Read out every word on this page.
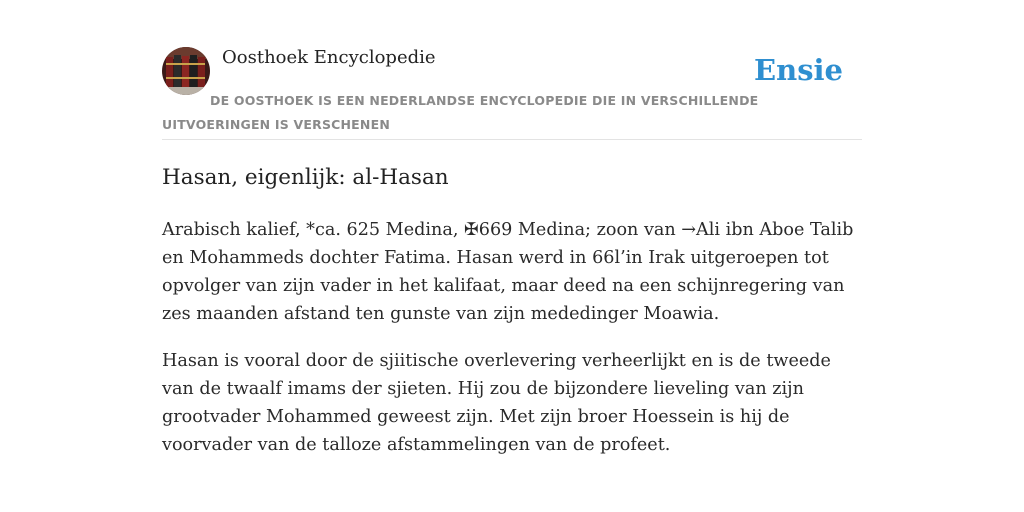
Oosthoek Encyclopedie	Ensie
DE OOSTHOEK IS EEN NEDERLANDSE ENCYCLOPEDIE DIE IN VERSCHILLENDE UITVOERINGEN IS VERSCHENEN
Hasan, eigenlijk: al-Hasan

Arabisch kalief, *ca. 625 Medina, ✠669 Medina; zoon van →Ali ibn Aboe Talib en Mohammeds dochter Fatima. Hasan werd in 66l’in Irak uitgeroepen tot opvolger van zijn vader in het kalifaat, maar deed na een schijnregering van zes maanden afstand ten gunste van zijn mededinger Moawia.

Hasan is vooral door de sjiitische overlevering verheerlijkt en is de tweede van de twaalf imams der sjieten. Hij zou de bijzondere lieveling van zijn grootvader Mohammed geweest zijn. Met zijn broer Hoessein is hij de voorvader van de talloze afstammelingen van de profeet.
